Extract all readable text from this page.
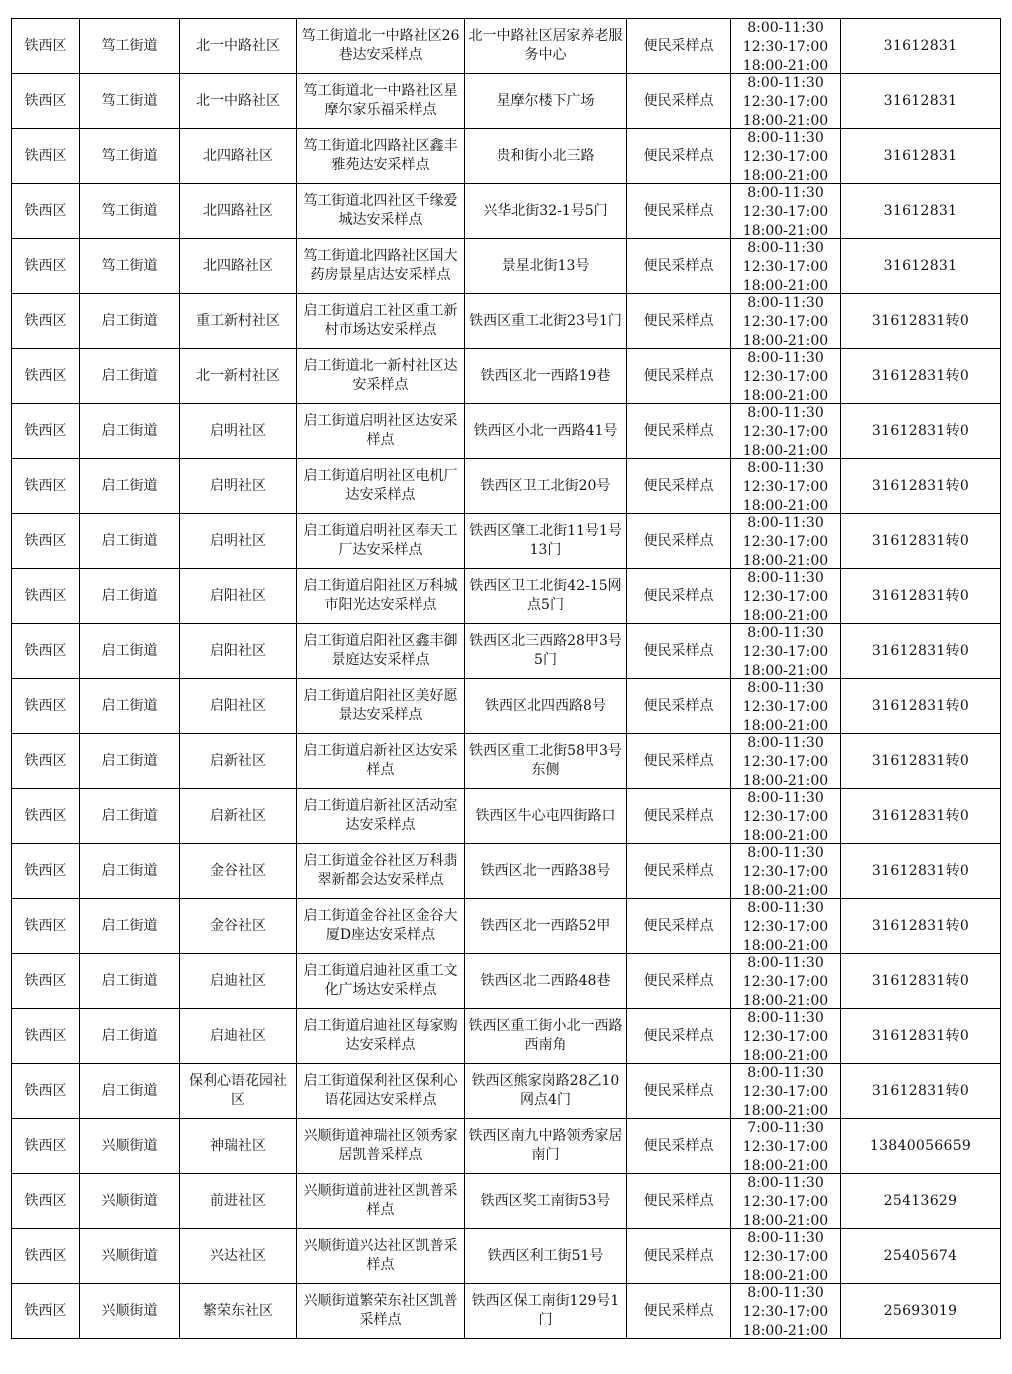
铁西区	笃工街道	北一中路社区	笃工街道北一中路社区26巷达安采样点	北一中路社区居家养老服务中心	便民采样点	8:00-11:30
12:30-17:00
18:00-21:00	31612831
铁西区	笃工街道	北一中路社区	笃工街道北一中路社区星摩尔家乐福采样点	星摩尔楼下广场	便民采样点	8:00-11:30
12:30-17:00
18:00-21:00	31612831
铁西区	笃工街道	北四路社区	笃工街道北四路社区鑫丰雅苑达安采样点	贵和街小北三路	便民采样点	8:00-11:30
12:30-17:00
18:00-21:00	31612831
铁西区	笃工街道	北四路社区	笃工街道北四社区千缘爱城达安采样点	兴华北街32-1号5门	便民采样点	8:00-11:30
12:30-17:00
18:00-21:00	31612831
铁西区	笃工街道	北四路社区	笃工街道北四路社区国大药房景星店达安采样点	景星北街13号	便民采样点	8:00-11:30
12:30-17:00
18:00-21:00	31612831
铁西区	启工街道	重工新村社区	启工街道启工社区重工新村市场达安采样点	铁西区重工北街23号1门	便民采样点	8:00-11:30
12:30-17:00
18:00-21:00	31612831转0
铁西区	启工街道	北一新村社区	启工街道北一新村社区达安采样点	铁西区北一西路19巷	便民采样点	8:00-11:30
12:30-17:00
18:00-21:00	31612831转0
铁西区	启工街道	启明社区	启工街道启明社区达安采样点	铁西区小北一西路41号	便民采样点	8:00-11:30
12:30-17:00
18:00-21:00	31612831转0
铁西区	启工街道	启明社区	启工街道启明社区电机厂达安采样点	铁西区卫工北街20号	便民采样点	8:00-11:30
12:30-17:00
18:00-21:00	31612831转0
铁西区	启工街道	启明社区	启工街道启明社区奉天工厂达安采样点	铁西区肇工北街11号1号13门	便民采样点	8:00-11:30
12:30-17:00
18:00-21:00	31612831转0
铁西区	启工街道	启阳社区	启工街道启阳社区万科城市阳光达安采样点	铁西区卫工北街42-15网点5门	便民采样点	8:00-11:30
12:30-17:00
18:00-21:00	31612831转0
铁西区	启工街道	启阳社区	启工街道启阳社区鑫丰御景庭达安采样点	铁西区北三西路28甲3号5门	便民采样点	8:00-11:30
12:30-17:00
18:00-21:00	31612831转0
铁西区	启工街道	启阳社区	启工街道启阳社区美好愿景达安采样点	铁西区北四西路8号	便民采样点	8:00-11:30
12:30-17:00
18:00-21:00	31612831转0
铁西区	启工街道	启新社区	启工街道启新社区达安采样点	铁西区重工北街58甲3号东侧	便民采样点	8:00-11:30
12:30-17:00
18:00-21:00	31612831转0
铁西区	启工街道	启新社区	启工街道启新社区活动室达安采样点	铁西区牛心屯四街路口	便民采样点	8:00-11:30
12:30-17:00
18:00-21:00	31612831转0
铁西区	启工街道	金谷社区	启工街道金谷社区万科翡翠新都会达安采样点	铁西区北一西路38号	便民采样点	8:00-11:30
12:30-17:00
18:00-21:00	31612831转0
铁西区	启工街道	金谷社区	启工街道金谷社区金谷大厦D座达安采样点	铁西区北一西路52甲	便民采样点	8:00-11:30
12:30-17:00
18:00-21:00	31612831转0
铁西区	启工街道	启迪社区	启工街道启迪社区重工文化广场达安采样点	铁西区北二西路48巷	便民采样点	8:00-11:30
12:30-17:00
18:00-21:00	31612831转0
铁西区	启工街道	启迪社区	启工街道启迪社区每家购达安采样点	铁西区重工街小北一西路西南角	便民采样点	8:00-11:30
12:30-17:00
18:00-21:00	31612831转0
铁西区	启工街道	保利心语花园社区	启工街道保利社区保利心语花园达安采样点	铁西区熊家岗路28乙10网点4门	便民采样点	8:00-11:30
12:30-17:00
18:00-21:00	31612831转0
铁西区	兴顺街道	神瑞社区	兴顺街道神瑞社区领秀家居凯普采样点	铁西区南九中路领秀家居南门	便民采样点	7:00-11:30
12:30-17:00
18:00-21:00	13840056659
铁西区	兴顺街道	前进社区	兴顺街道前进社区凯普采样点	铁西区奖工南街53号	便民采样点	8:00-11:30
12:30-17:00
18:00-21:00	25413629
铁西区	兴顺街道	兴达社区	兴顺街道兴达社区凯普采样点	铁西区利工街51号	便民采样点	8:00-11:30
12:30-17:00
18:00-21:00	25405674
铁西区	兴顺街道	繁荣东社区	兴顺街道繁荣东社区凯普采样点	铁西区保工南街129号1门	便民采样点	8:00-11:30
12:30-17:00
18:00-21:00	25693019
